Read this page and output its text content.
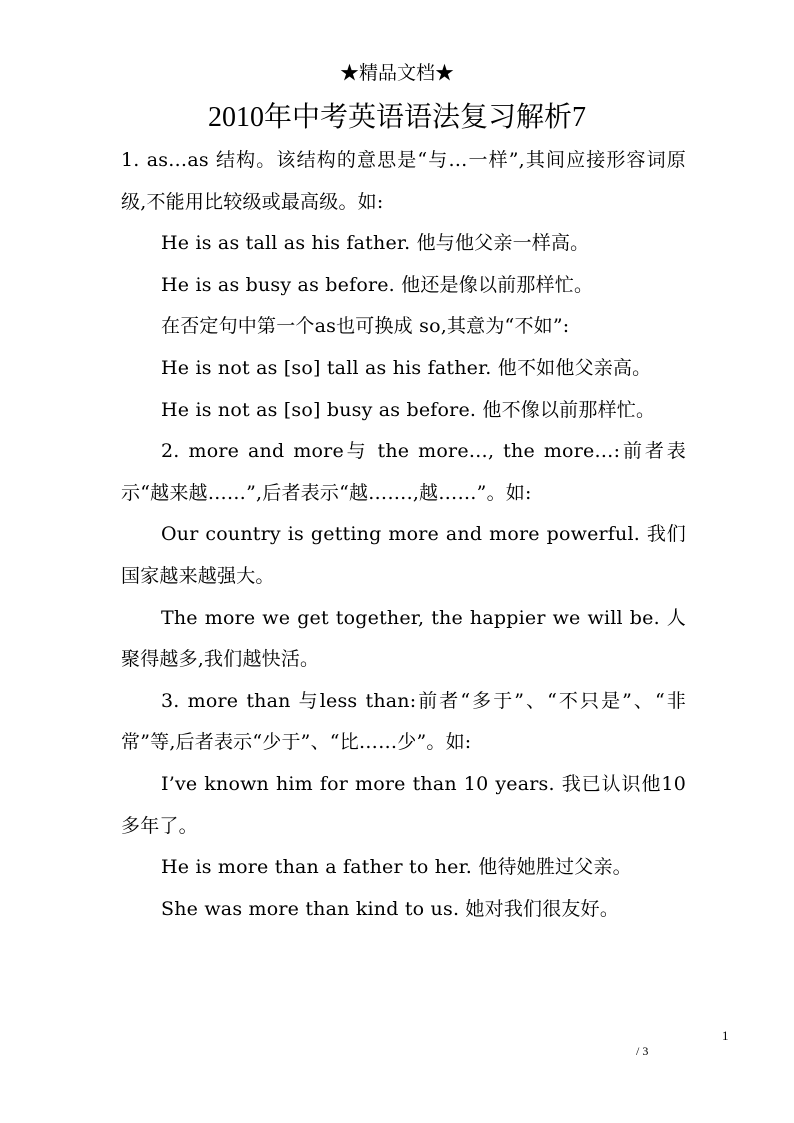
★精品文档★
2010年中考英语语法复习解析7

1. as…as 结构。该结构的意思是“与…一样”,其间应接形容词原级,不能用比较级或最高级。如:

He is as tall as his father. 他与他父亲一样高。

He is as busy as before. 他还是像以前那样忙。

在否定句中第一个as也可换成 so,其意为“不如”:

He is not as [so] tall as his father. 他不如他父亲高。

He is not as [so] busy as before. 他不像以前那样忙。

2. more and more与 the more…, the more…:前者表示“越来越……”,后者表示“越…….,越……”。如:

Our country is getting more and more powerful. 我们国家越来越强大。

The more we get together, the happier we will be. 人聚得越多,我们越快活。

3. more than 与less than:前者“多于”、“不只是”、“非常”等,后者表示“少于”、“比……少”。如:

I’ve known him for more than 10 years. 我已认识他10多年了。

He is more than a father to her. 他待她胜过父亲。

She was more than kind to us. 她对我们很友好。

1
/ 3
